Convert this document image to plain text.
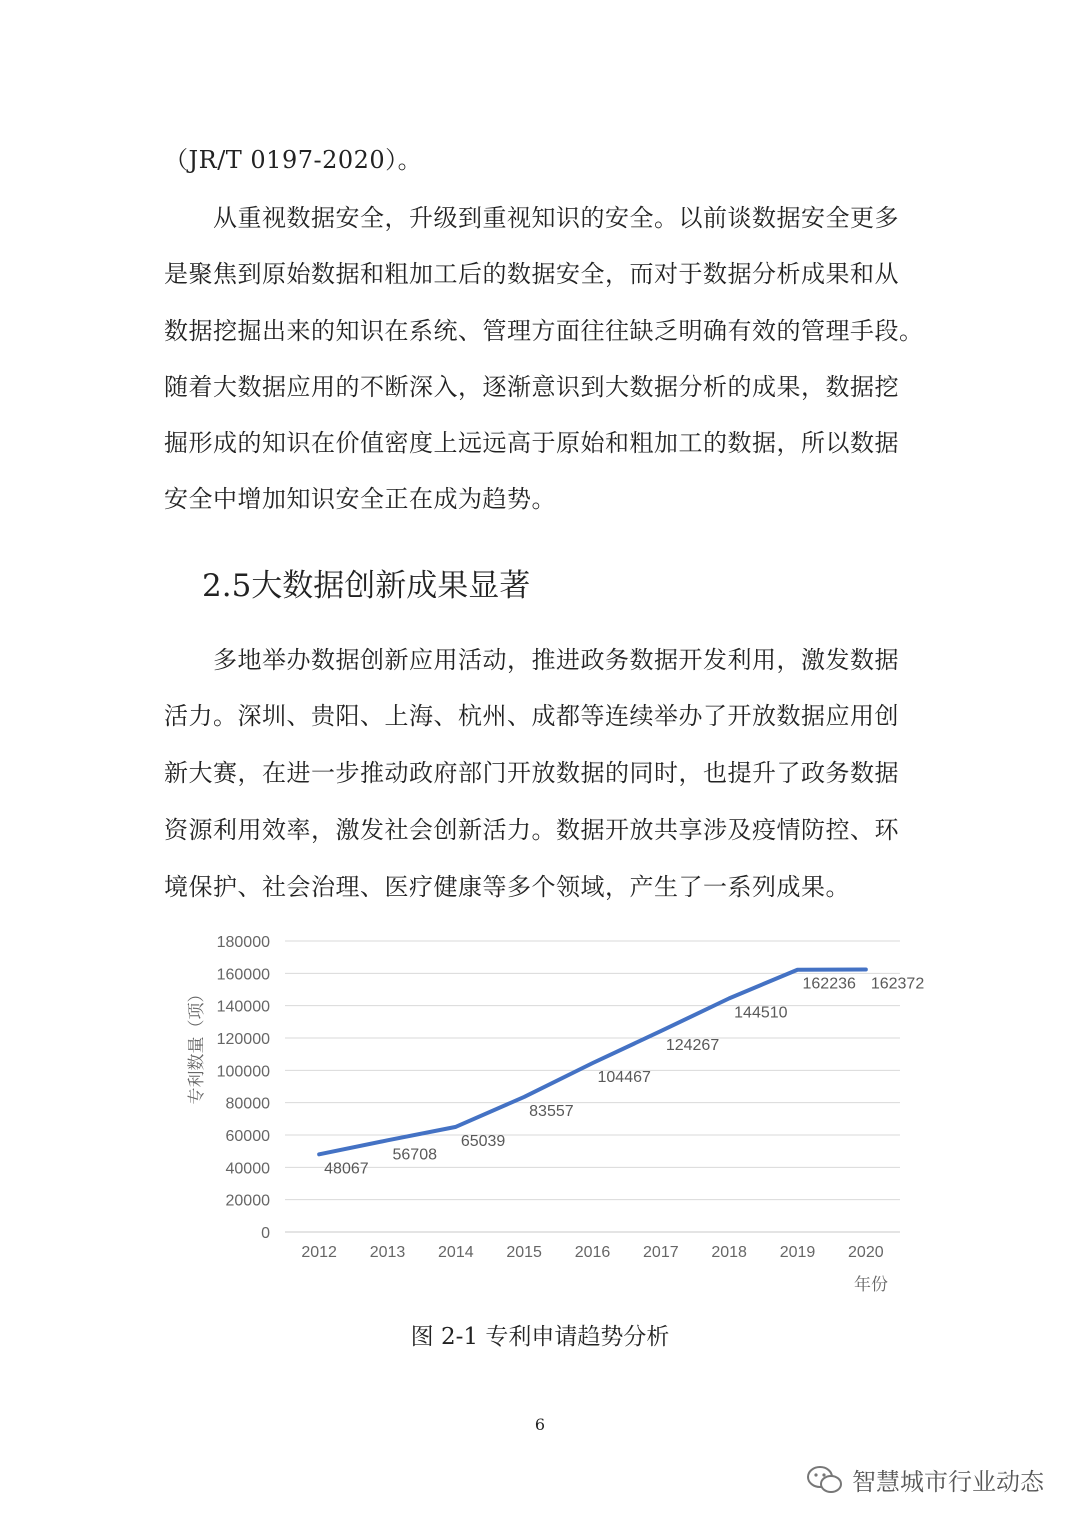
（JR/T 0197-2020）。

　　从重视数据安全，升级到重视知识的安全。以前谈数据安全更多

是聚焦到原始数据和粗加工后的数据安全，而对于数据分析成果和从

数据挖掘出来的知识在系统、管理方面往往缺乏明确有效的管理手段。

随着大数据应用的不断深入，逐渐意识到大数据分析的成果，数据挖

掘形成的知识在价值密度上远远高于原始和粗加工的数据，所以数据

安全中增加知识安全正在成为趋势。

2.5大数据创新成果显著

　　多地举办数据创新应用活动，推进政务数据开发利用，激发数据

活力。深圳、贵阳、上海、杭州、成都等连续举办了开放数据应用创

新大赛，在进一步推动政府部门开放数据的同时，也提升了政务数据

资源利用效率，激发社会创新活力。数据开放共享涉及疫情防控、环

境保护、社会治理、医疗健康等多个领域，产生了一系列成果。

0
20000
40000
60000
80000
100000
120000
140000
160000
180000
2012 2013 2014 2015 2016 2017 2018 2019 2020
48067
56708
65039
83557
104467
124267
144510
162236 162372
专利数量（项）
年份

图 2-1 专利申请趋势分析

6
智慧城市行业动态
